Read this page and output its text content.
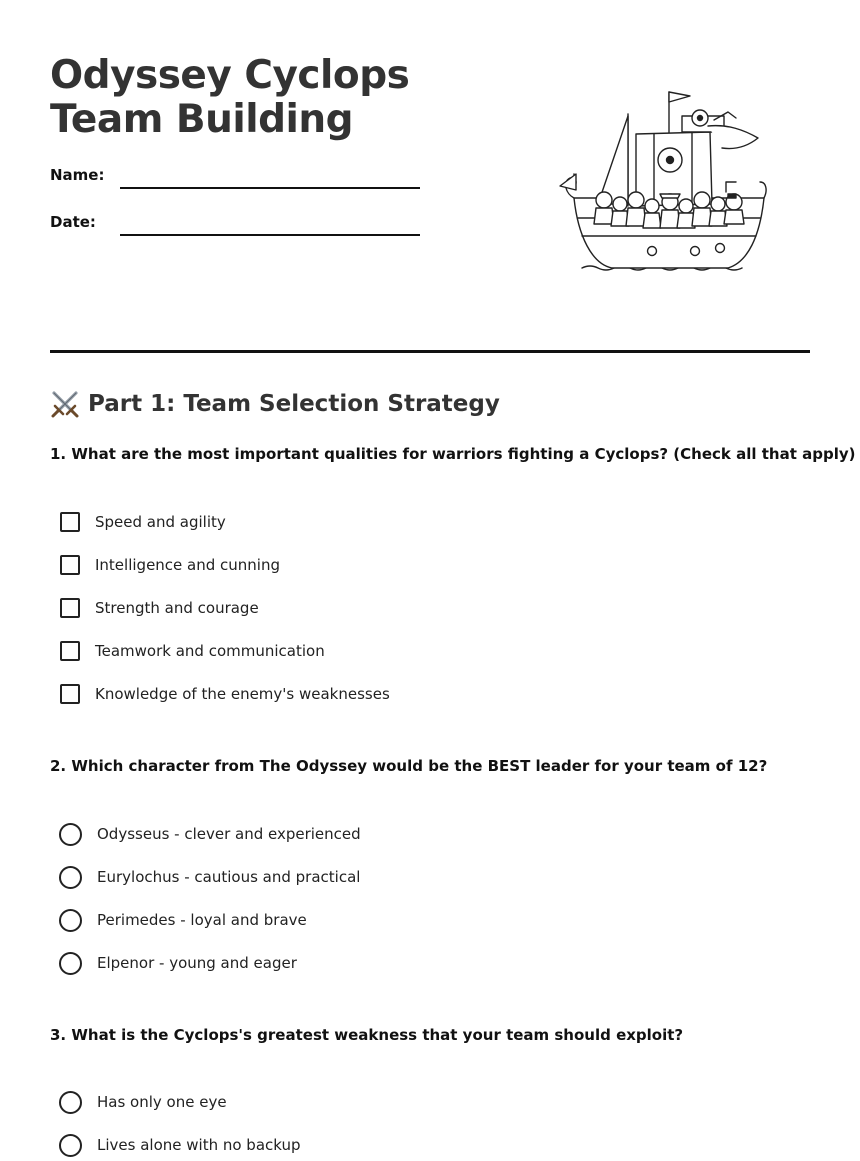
Odyssey Cyclops Team Building
Name:
Date:
Part 1: Team Selection Strategy
1. What are the most important qualities for warriors fighting a Cyclops? (Check all that apply)
Speed and agility
Intelligence and cunning
Strength and courage
Teamwork and communication
Knowledge of the enemy's weaknesses
2. Which character from The Odyssey would be the BEST leader for your team of 12?
Odysseus - clever and experienced
Eurylochus - cautious and practical
Perimedes - loyal and brave
Elpenor - young and eager
3. What is the Cyclops's greatest weakness that your team should exploit?
Has only one eye
Lives alone with no backup
